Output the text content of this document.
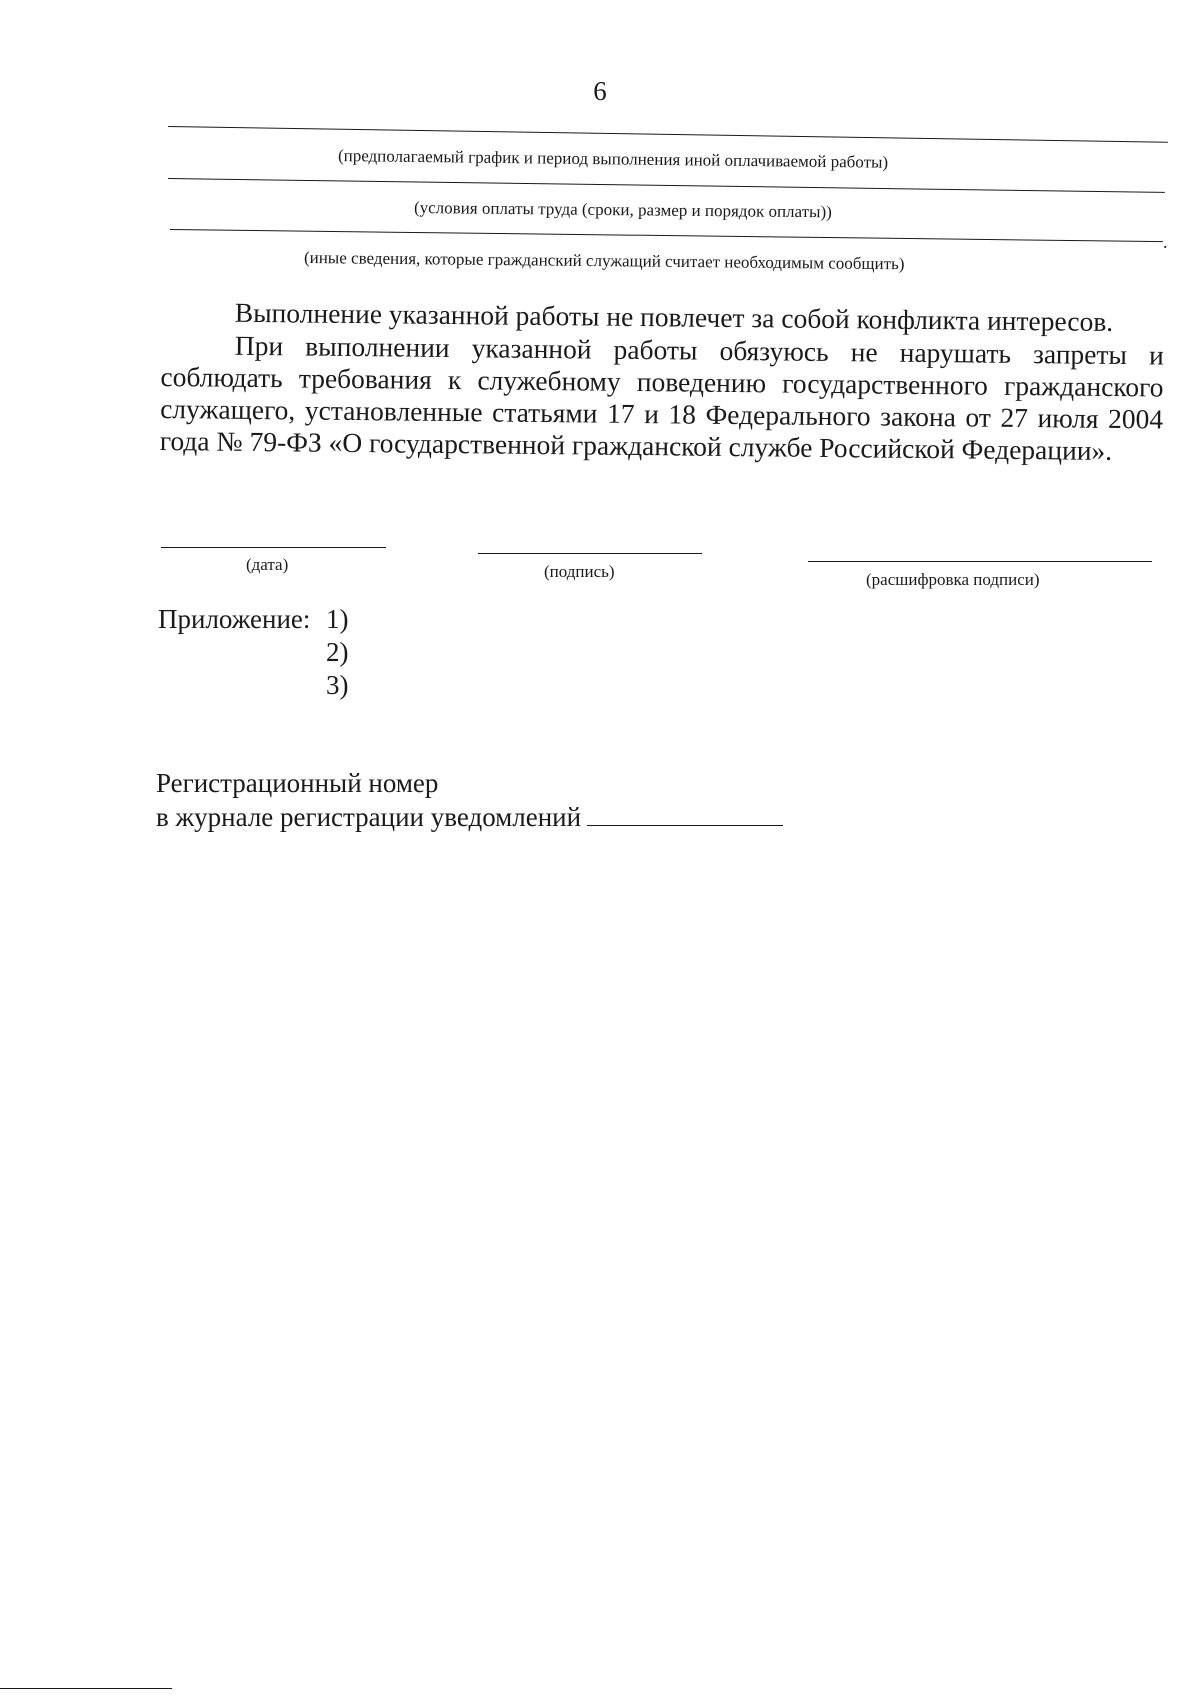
6
(предполагаемый график и период выполнения иной оплачиваемой работы)
(условия оплаты труда (сроки, размер и порядок оплаты))
.
(иные сведения, которые гражданский служащий считает необходимым сообщить)
Выполнение указанной работы не повлечет за собой конфликта интересов.
При выполнении указанной работы обязуюсь не нарушать запреты и соблюдать требования к служебному поведению государственного гражданского служащего, установленные статьями 17 и 18 Федерального закона от 27 июля 2004 года № 79-ФЗ «О государственной гражданской службе Российской Федерации».
(дата)	(подпись)	(расшифровка подписи)
Приложение: 1)
2)
3)
Регистрационный номер
в журнале регистрации уведомлений
